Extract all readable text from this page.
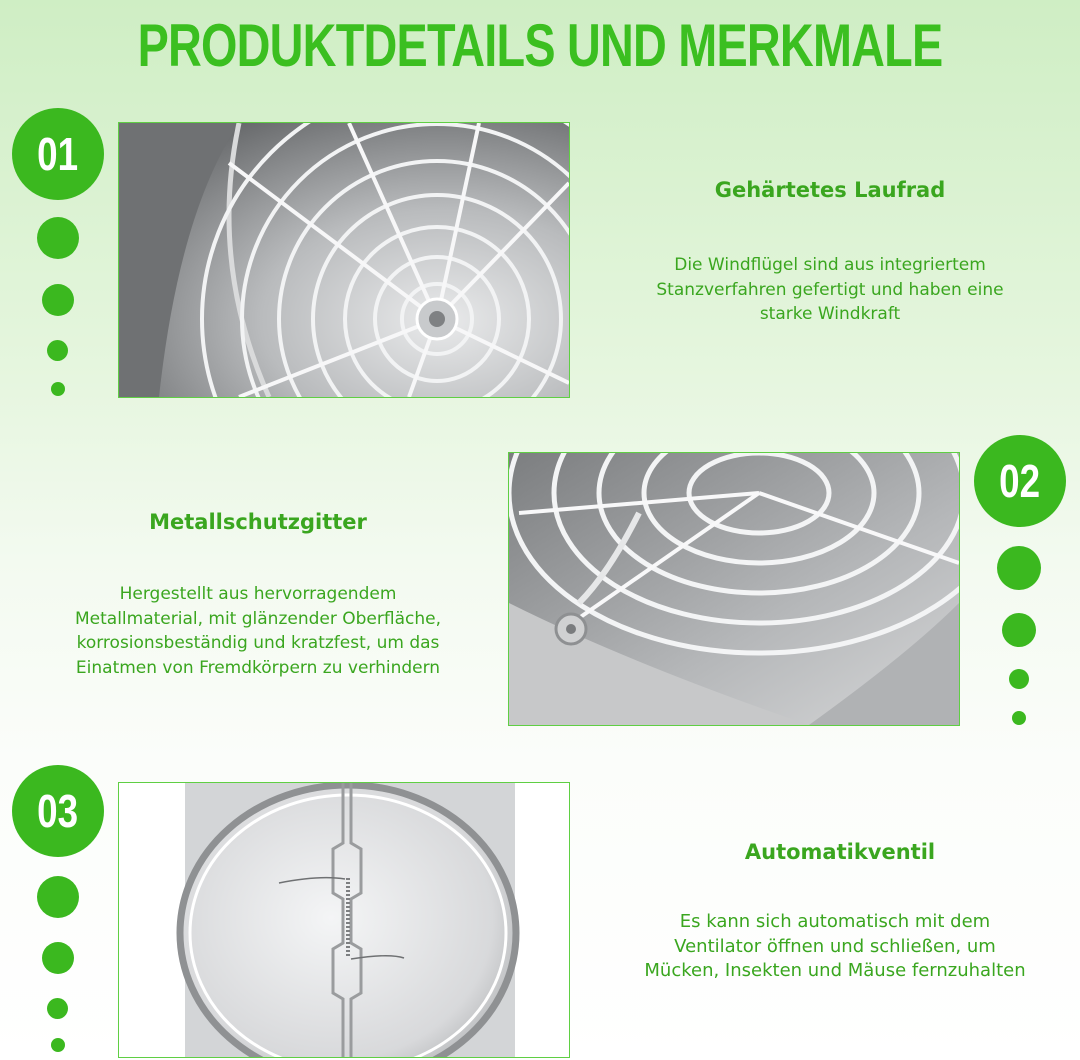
PRODUKTDETAILS UND MERKMALE
01
Gehärtetes Laufrad
Die Windflügel sind aus integriertem
Stanzverfahren gefertigt und haben eine
starke Windkraft
Metallschutzgitter
Hergestellt aus hervorragendem
Metallmaterial, mit glänzender Oberfläche,
korrosionsbeständig und kratzfest, um das
Einatmen von Fremdkörpern zu verhindern
02
03
Automatikventil
Es kann sich automatisch mit dem
Ventilator öffnen und schließen, um
Mücken, Insekten und Mäuse fernzuhalten
